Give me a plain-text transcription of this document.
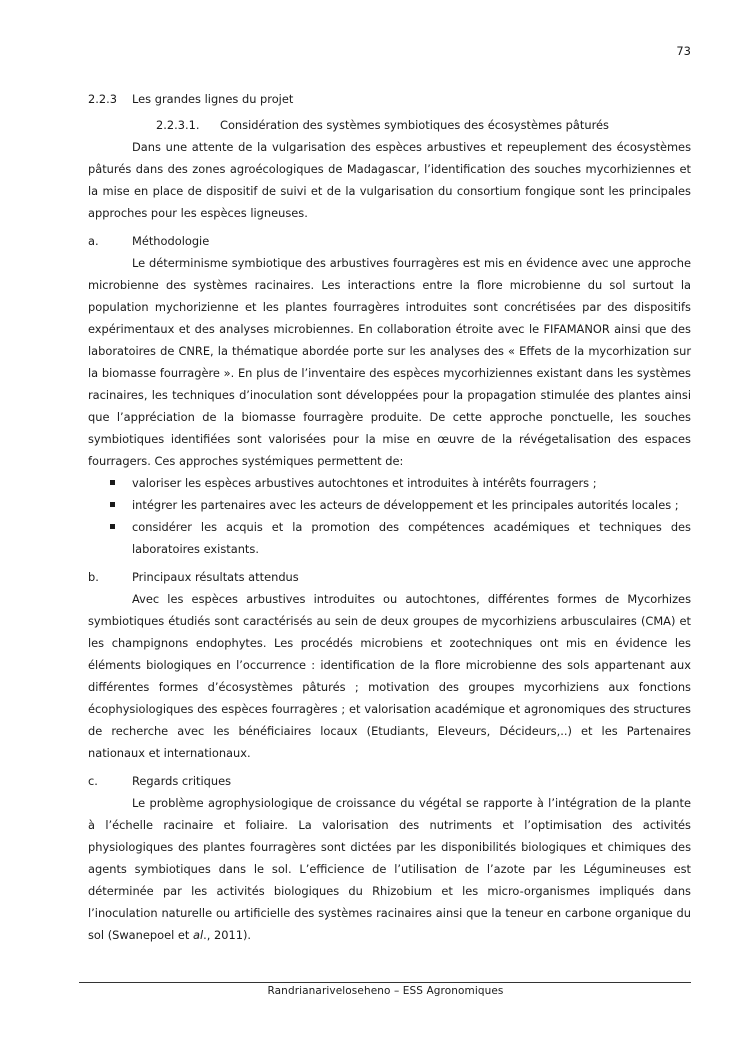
73

2.2.3 Les grandes lignes du projet

2.2.3.1. Considération des systèmes symbiotiques des écosystèmes pâturés

Dans une attente de la vulgarisation des espèces arbustives et repeuplement des écosystèmes pâturés dans des zones agroécologiques de Madagascar, l’identification des souches mycorhiziennes et la mise en place de dispositif de suivi et de la vulgarisation du consortium fongique sont les principales approches pour les espèces ligneuses.

a.	Méthodologie

Le déterminisme symbiotique des arbustives fourragères est mis en évidence avec une approche microbienne des systèmes racinaires. Les interactions entre la flore microbienne du sol surtout la population mychorizienne et les plantes fourragères introduites sont concrétisées par des dispositifs expérimentaux et des analyses microbiennes. En collaboration étroite avec le FIFAMANOR ainsi que des laboratoires de CNRE, la thématique abordée porte sur les analyses des « Effets de la mycorhization sur la biomasse fourragère ». En plus de l’inventaire des espèces mycorhiziennes existant dans les systèmes racinaires, les techniques d’inoculation sont développées pour la propagation stimulée des plantes ainsi que l’appréciation de la biomasse fourragère produite. De cette approche ponctuelle, les souches symbiotiques identifiées sont valorisées pour la mise en œuvre de la révégetalisation des espaces fourragers. Ces approches systémiques permettent de:

valoriser les espèces arbustives autochtones et introduites à intérêts fourragers ;
intégrer les partenaires avec les acteurs de développement et les principales autorités locales ;
considérer les acquis et la promotion des compétences académiques et techniques des laboratoires existants.

b.	Principaux résultats attendus

Avec les espèces arbustives introduites ou autochtones, différentes formes de Mycorhizes symbiotiques étudiés sont caractérisés au sein de deux groupes de mycorhiziens arbusculaires (CMA) et les champignons endophytes. Les procédés microbiens et zootechniques ont mis en évidence les éléments biologiques en l’occurrence : identification de la flore microbienne des sols appartenant aux différentes formes d’écosystèmes pâturés ; motivation des groupes mycorhiziens aux fonctions écophysiologiques des espèces fourragères ; et valorisation académique et agronomiques des structures de recherche avec les bénéficiaires locaux (Etudiants, Eleveurs, Décideurs,..) et les Partenaires nationaux et internationaux.

c.	Regards critiques

Le problème agrophysiologique de croissance du végétal se rapporte à l’intégration de la plante à l’échelle racinaire et foliaire. La valorisation des nutriments et l’optimisation des activités physiologiques des plantes fourragères sont dictées par les disponibilités biologiques et chimiques des agents symbiotiques dans le sol. L’efficience de l’utilisation de l’azote par les Légumineuses est déterminée par les activités biologiques du Rhizobium et les micro-organismes impliqués dans l’inoculation naturelle ou artificielle des systèmes racinaires ainsi que la teneur en carbone organique du sol (Swanepoel et al., 2011).

Randrianariveloseheno – ESS Agronomiques
